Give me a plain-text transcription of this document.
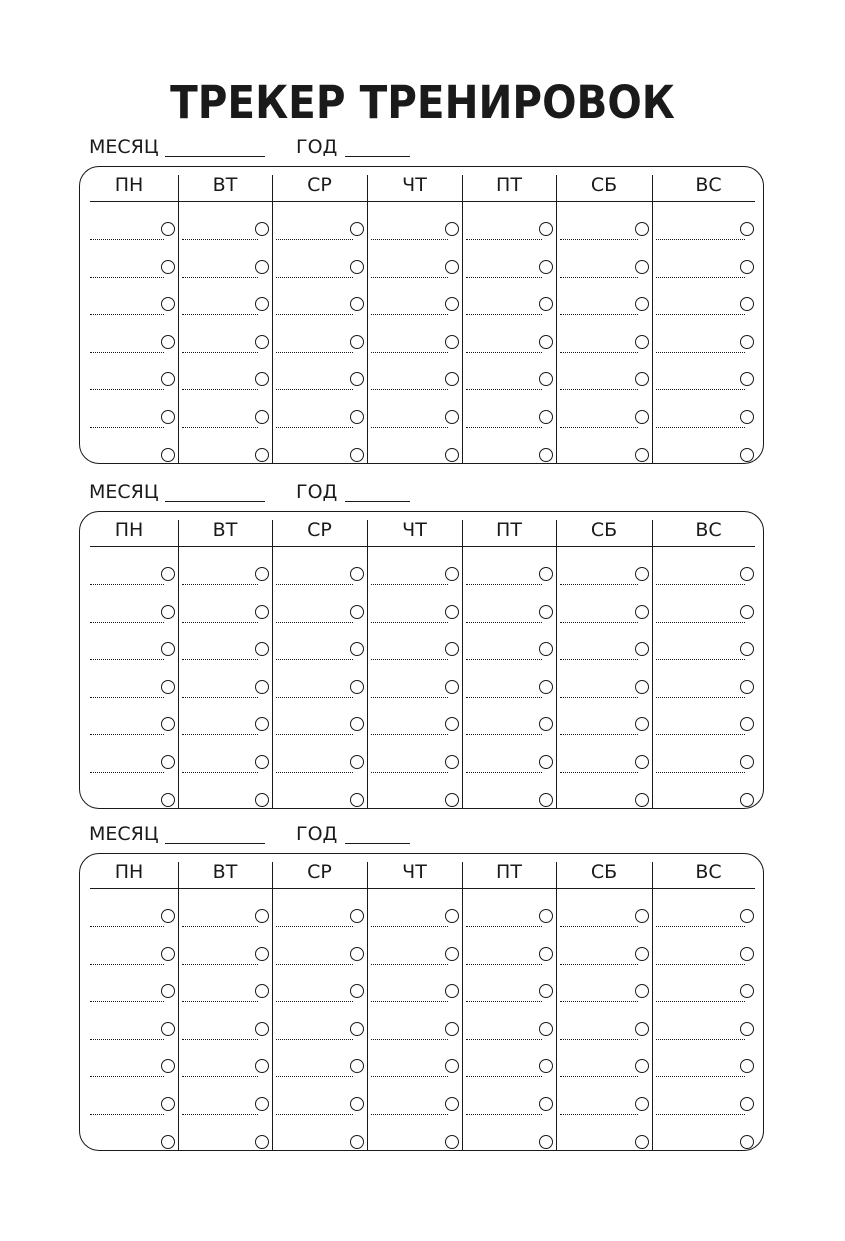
ТРЕКЕР ТРЕНИРОВОК
МЕСЯЦ	ГОД
ПН	ВТ	СР	ЧТ	ПТ	СБ	ВС
МЕСЯЦ	ГОД
ПН	ВТ	СР	ЧТ	ПТ	СБ	ВС
МЕСЯЦ	ГОД
ПН	ВТ	СР	ЧТ	ПТ	СБ	ВС
